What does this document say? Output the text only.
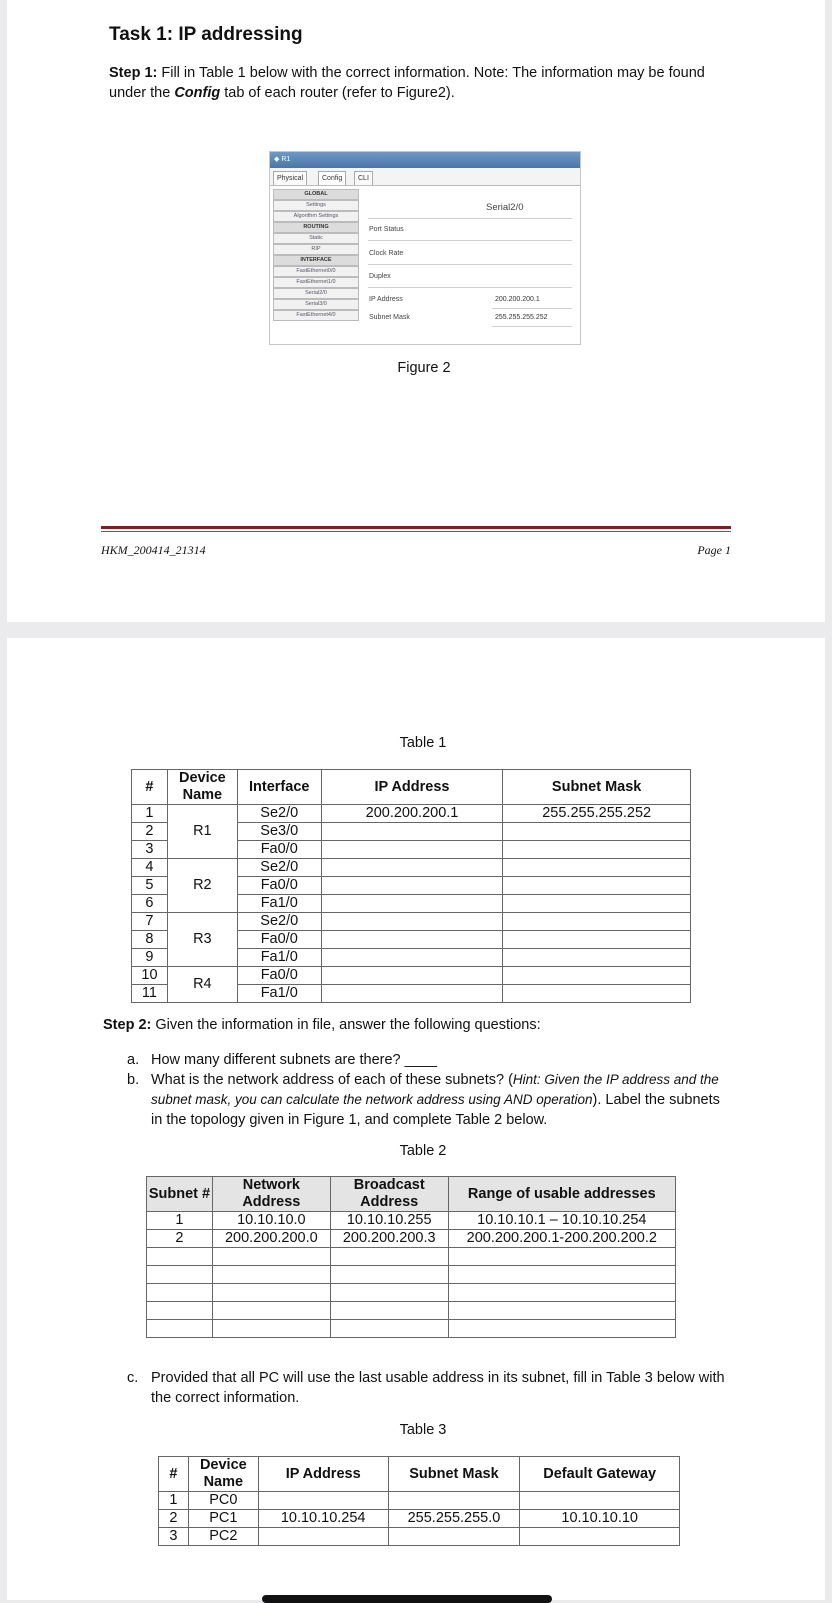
Task 1: IP addressing
Step 1: Fill in Table 1 below with the correct information. Note: The information may be found under the Config tab of each router (refer to Figure2).
◆ R1
Physical	Config	CLI
GLOBAL
Settings
Algorithm Settings
ROUTING
Static
RIP
INTERFACE
FastEthernet0/0
FastEthernet1/0
Serial2/0
Serial3/0
FastEthernet4/0
Serial2/0
Port Status
Clock Rate
Duplex
IP Address	200.200.200.1
Subnet Mask	255.255.255.252
Figure 2
HKM_200414_21314	Page 1
Table 1
#	Device Name	Interface	IP Address	Subnet Mask
1	R1	Se2/0	200.200.200.1	255.255.255.252
2		Se3/0		
3		Fa0/0		
4	R2	Se2/0		
5		Fa0/0		
6		Fa1/0		
7	R3	Se2/0		
8		Fa0/0		
9		Fa1/0		
10	R4	Fa0/0		
11		Fa1/0		
Step 2: Given the information in file, answer the following questions:
a. How many different subnets are there? ____
b. What is the network address of each of these subnets? (Hint: Given the IP address and the subnet mask, you can calculate the network address using AND operation). Label the subnets in the topology given in Figure 1, and complete Table 2 below.
Table 2
Subnet #	Network Address	Broadcast Address	Range of usable addresses
1	10.10.10.0	10.10.10.255	10.10.10.1 – 10.10.10.254
2	200.200.200.0	200.200.200.3	200.200.200.1-200.200.200.2

c. Provided that all PC will use the last usable address in its subnet, fill in Table 3 below with the correct information.
Table 3
#	Device Name	IP Address	Subnet Mask	Default Gateway
1	PC0			
2	PC1	10.10.10.254	255.255.255.0	10.10.10.10
3	PC2			
